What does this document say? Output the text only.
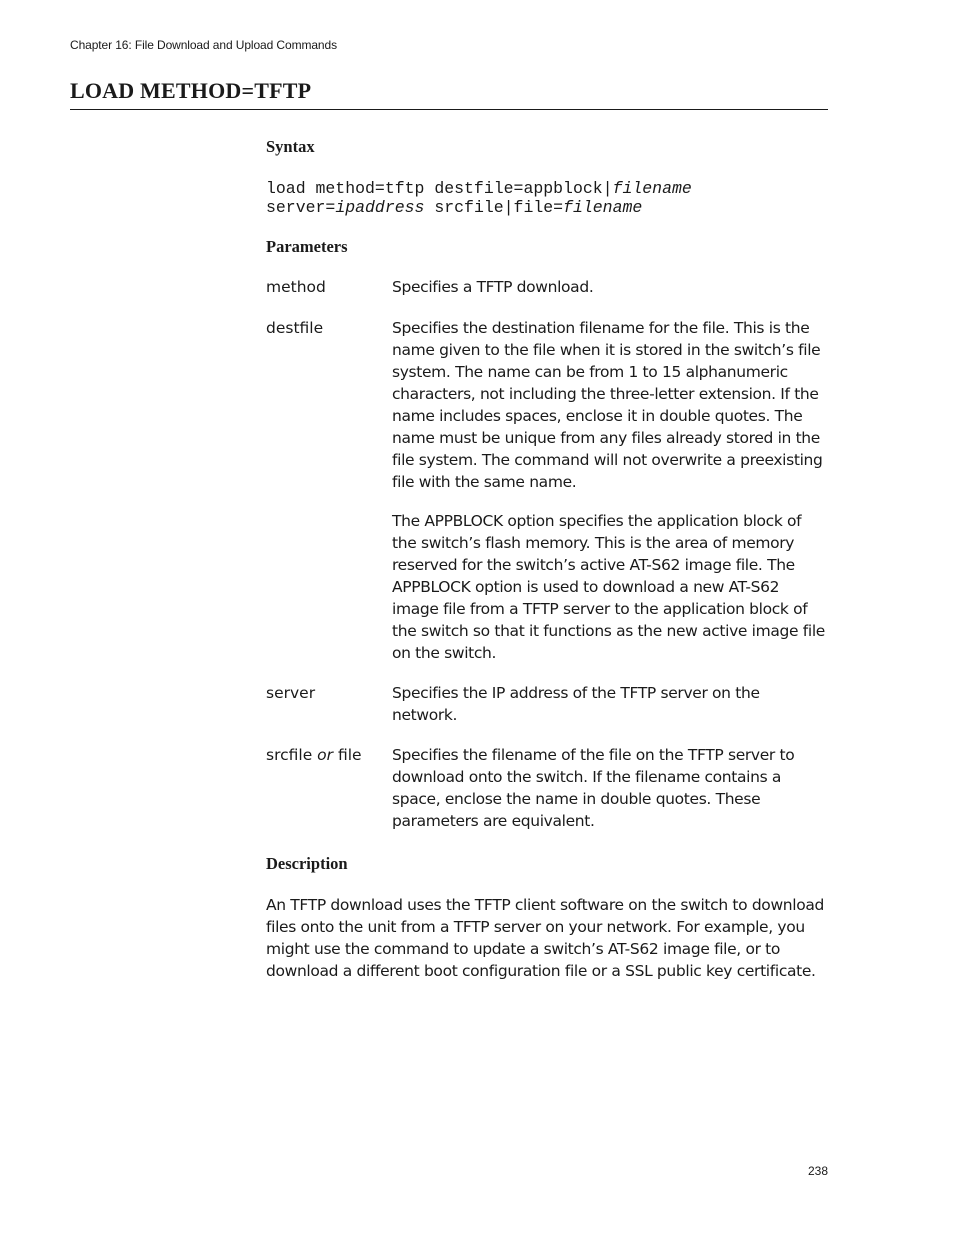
Chapter 16: File Download and Upload Commands
LOAD METHOD=TFTP
Syntax
load method=tftp destfile=appblock|filename
server=ipaddress srcfile|file=filename
Parameters
method	Specifies a TFTP download.
destfile	Specifies the destination filename for the file. This is the name given to the file when it is stored in the switch’s file system. The name can be from 1 to 15 alphanumeric characters, not including the three-letter extension. If the name includes spaces, enclose it in double quotes. The name must be unique from any files already stored in the file system. The command will not overwrite a preexisting file with the same name.
The APPBLOCK option specifies the application block of the switch’s flash memory. This is the area of memory reserved for the switch’s active AT-S62 image file. The APPBLOCK option is used to download a new AT-S62 image file from a TFTP server to the application block of the switch so that it functions as the new active image file on the switch.
server	Specifies the IP address of the TFTP server on the network.
srcfile or file Specifies the filename of the file on the TFTP server to download onto the switch. If the filename contains a space, enclose the name in double quotes. These parameters are equivalent.
Description
An TFTP download uses the TFTP client software on the switch to download files onto the unit from a TFTP server on your network. For example, you might use the command to update a switch’s AT-S62 image file, or to download a different boot configuration file or a SSL public key certificate.
238
